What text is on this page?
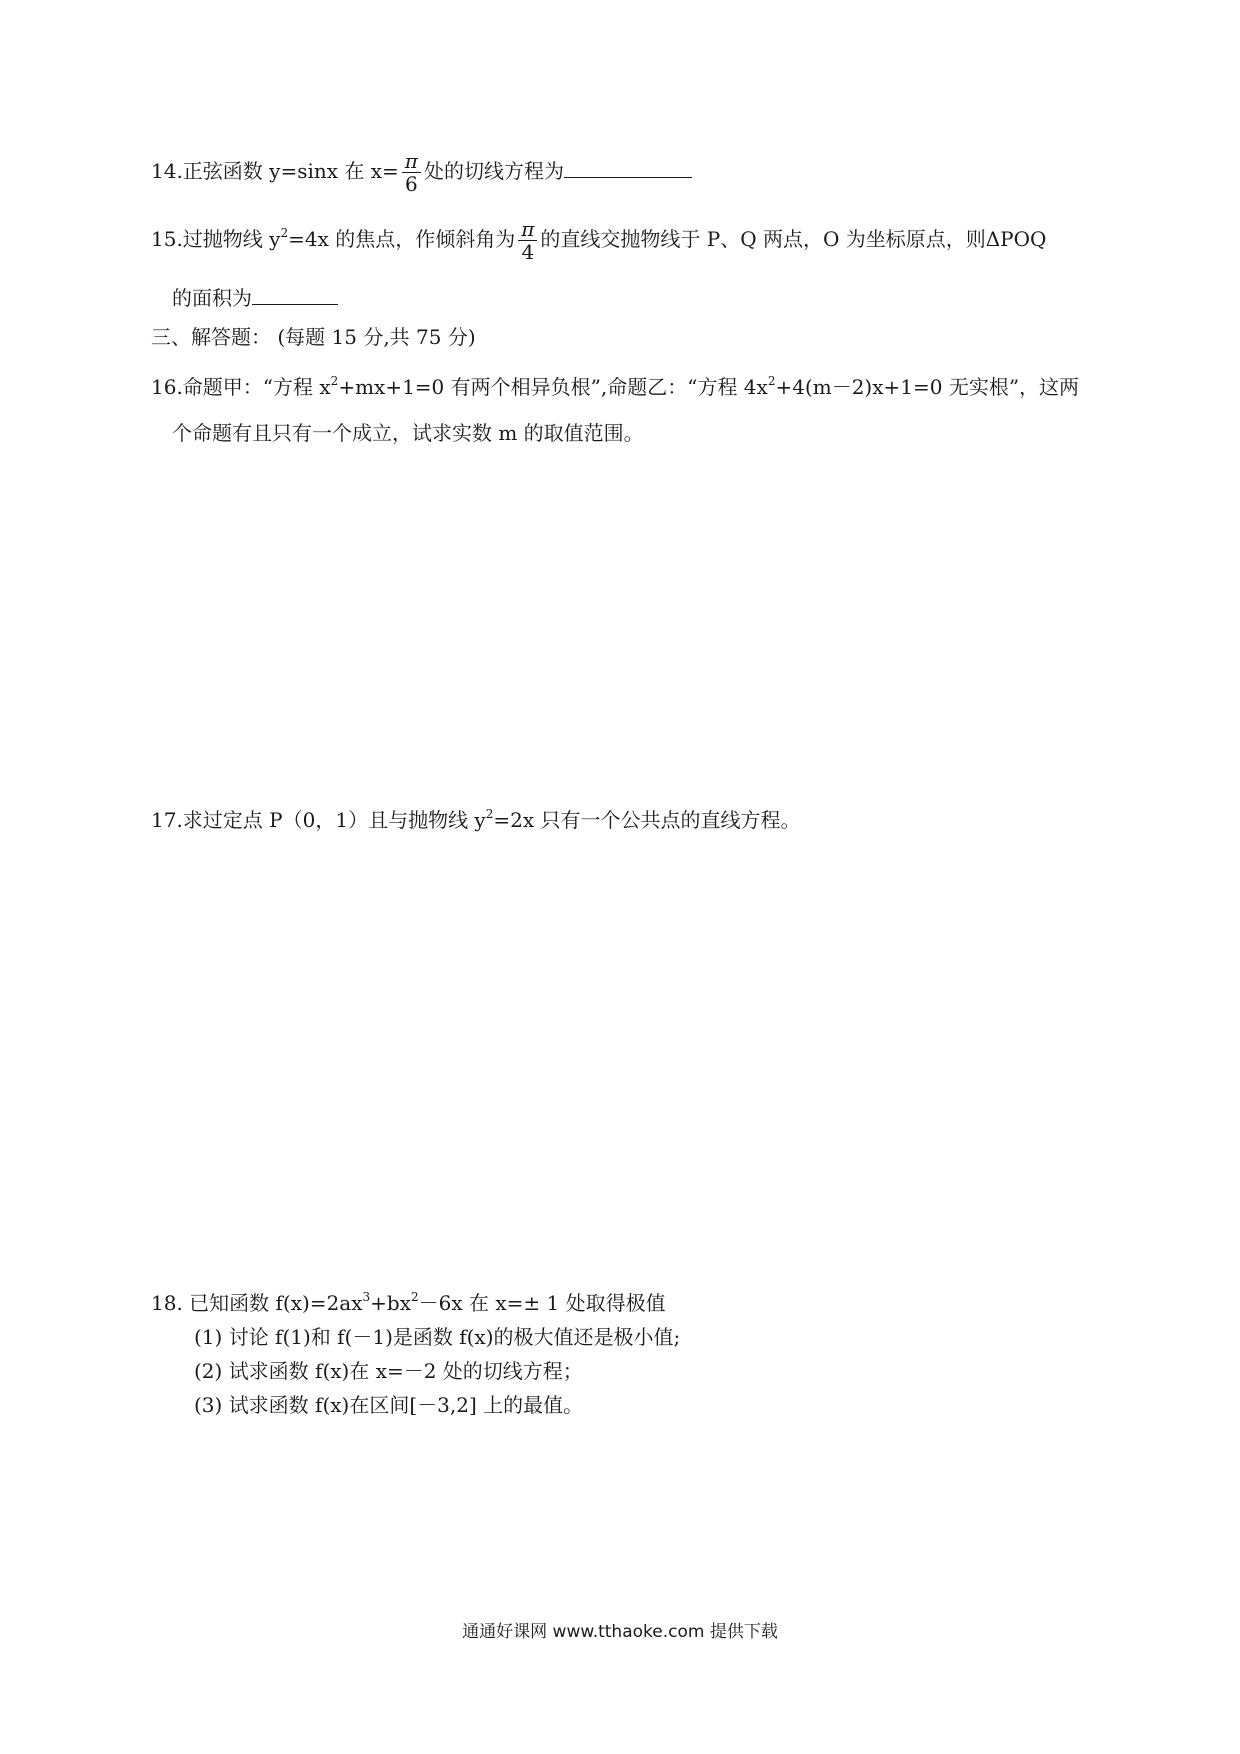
14.正弦函数 y=sinx 在 $x= \frac{\pi}{6}$ 处的切线方程为
15.过抛物线 $y^2=4x$ 的焦点，作倾斜角为 $\frac{\pi}{4}$ 的直线交抛物线于 P、Q 两点，O 为坐标原点，则ΔPOQ
的面积为
三、解答题： (每题 15 分,共 75 分)
16.命题甲：“方程 $x^2+mx+1=0$ 有两个相异负根”,命题乙：“方程 $4x^2+4(m-2)x+1=0$ 无实根”，这两
个命题有且只有一个成立，试求实数 m 的取值范围。
17.求过定点 P（0，1）且与抛物线 $y^2=2x$ 只有一个公共点的直线方程。
18. 已知函数 $f(x)=2ax^3+bx^2-6x$ 在 x=± 1 处取得极值
(1) 讨论 f(1)和 f(－1)是函数 f(x)的极大值还是极小值;
(2) 试求函数 f(x)在 x=－2 处的切线方程；
(3) 试求函数 f(x)在区间[－3,2] 上的最值。
通通好课网 www.tthaoke.com 提供下载
